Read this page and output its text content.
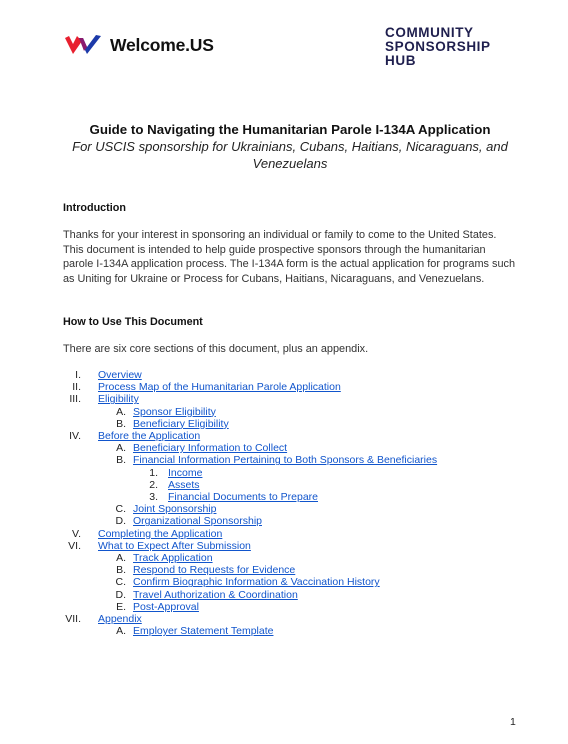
Welcome.US
COMMUNITY
SPONSORSHIP
HUB
Guide to Navigating the Humanitarian Parole I-134A Application
For USCIS sponsorship for Ukrainians, Cubans, Haitians, Nicaraguans, and Venezuelans
Introduction
Thanks for your interest in sponsoring an individual or family to come to the United States. This document is intended to help guide prospective sponsors through the humanitarian parole I-134A application process. The I-134A form is the actual application for programs such as Uniting for Ukraine or Process for Cubans, Haitians, Nicaraguans, and Venezuelans.
How to Use This Document
There are six core sections of this document, plus an appendix.
I. Overview
II. Process Map of the Humanitarian Parole Application
III. Eligibility
A. Sponsor Eligibility
B. Beneficiary Eligibility
IV. Before the Application
A. Beneficiary Information to Collect
B. Financial Information Pertaining to Both Sponsors & Beneficiaries
1. Income
2. Assets
3. Financial Documents to Prepare
C. Joint Sponsorship
D. Organizational Sponsorship
V. Completing the Application
VI. What to Expect After Submission
A. Track Application
B. Respond to Requests for Evidence
C. Confirm Biographic Information & Vaccination History
D. Travel Authorization & Coordination
E. Post-Approval
VII. Appendix
A. Employer Statement Template
1
